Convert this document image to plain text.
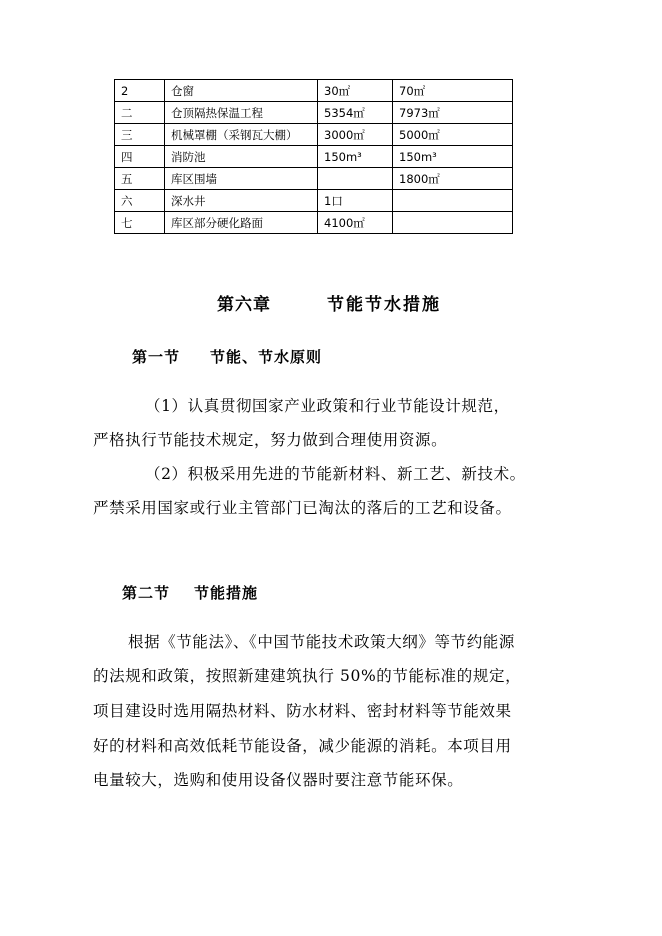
2	仓窗	30㎡	70㎡
二	仓顶隔热保温工程	5354㎡	7973㎡
三	机械罩棚（采钢瓦大棚）	3000㎡	5000㎡
四	消防池	150m³	150m³
五	库区围墙		1800㎡
六	深水井	1口	
七	库区部分硬化路面	4100㎡	
第六章	节能节水措施
第一节 节能、节水原则
（1）认真贯彻国家产业政策和行业节能设计规范，
严格执行节能技术规定，努力做到合理使用资源。
（2）积极采用先进的节能新材料、新工艺、新技术。
严禁采用国家或行业主管部门已淘汰的落后的工艺和设备。
第二节 节能措施
根据《节能法》、《中国节能技术政策大纲》等节约能源
的法规和政策，按照新建建筑执行 50%的节能标准的规定，
项目建设时选用隔热材料、防水材料、密封材料等节能效果
好的材料和高效低耗节能设备，减少能源的消耗。本项目用
电量较大，选购和使用设备仪器时要注意节能环保。
